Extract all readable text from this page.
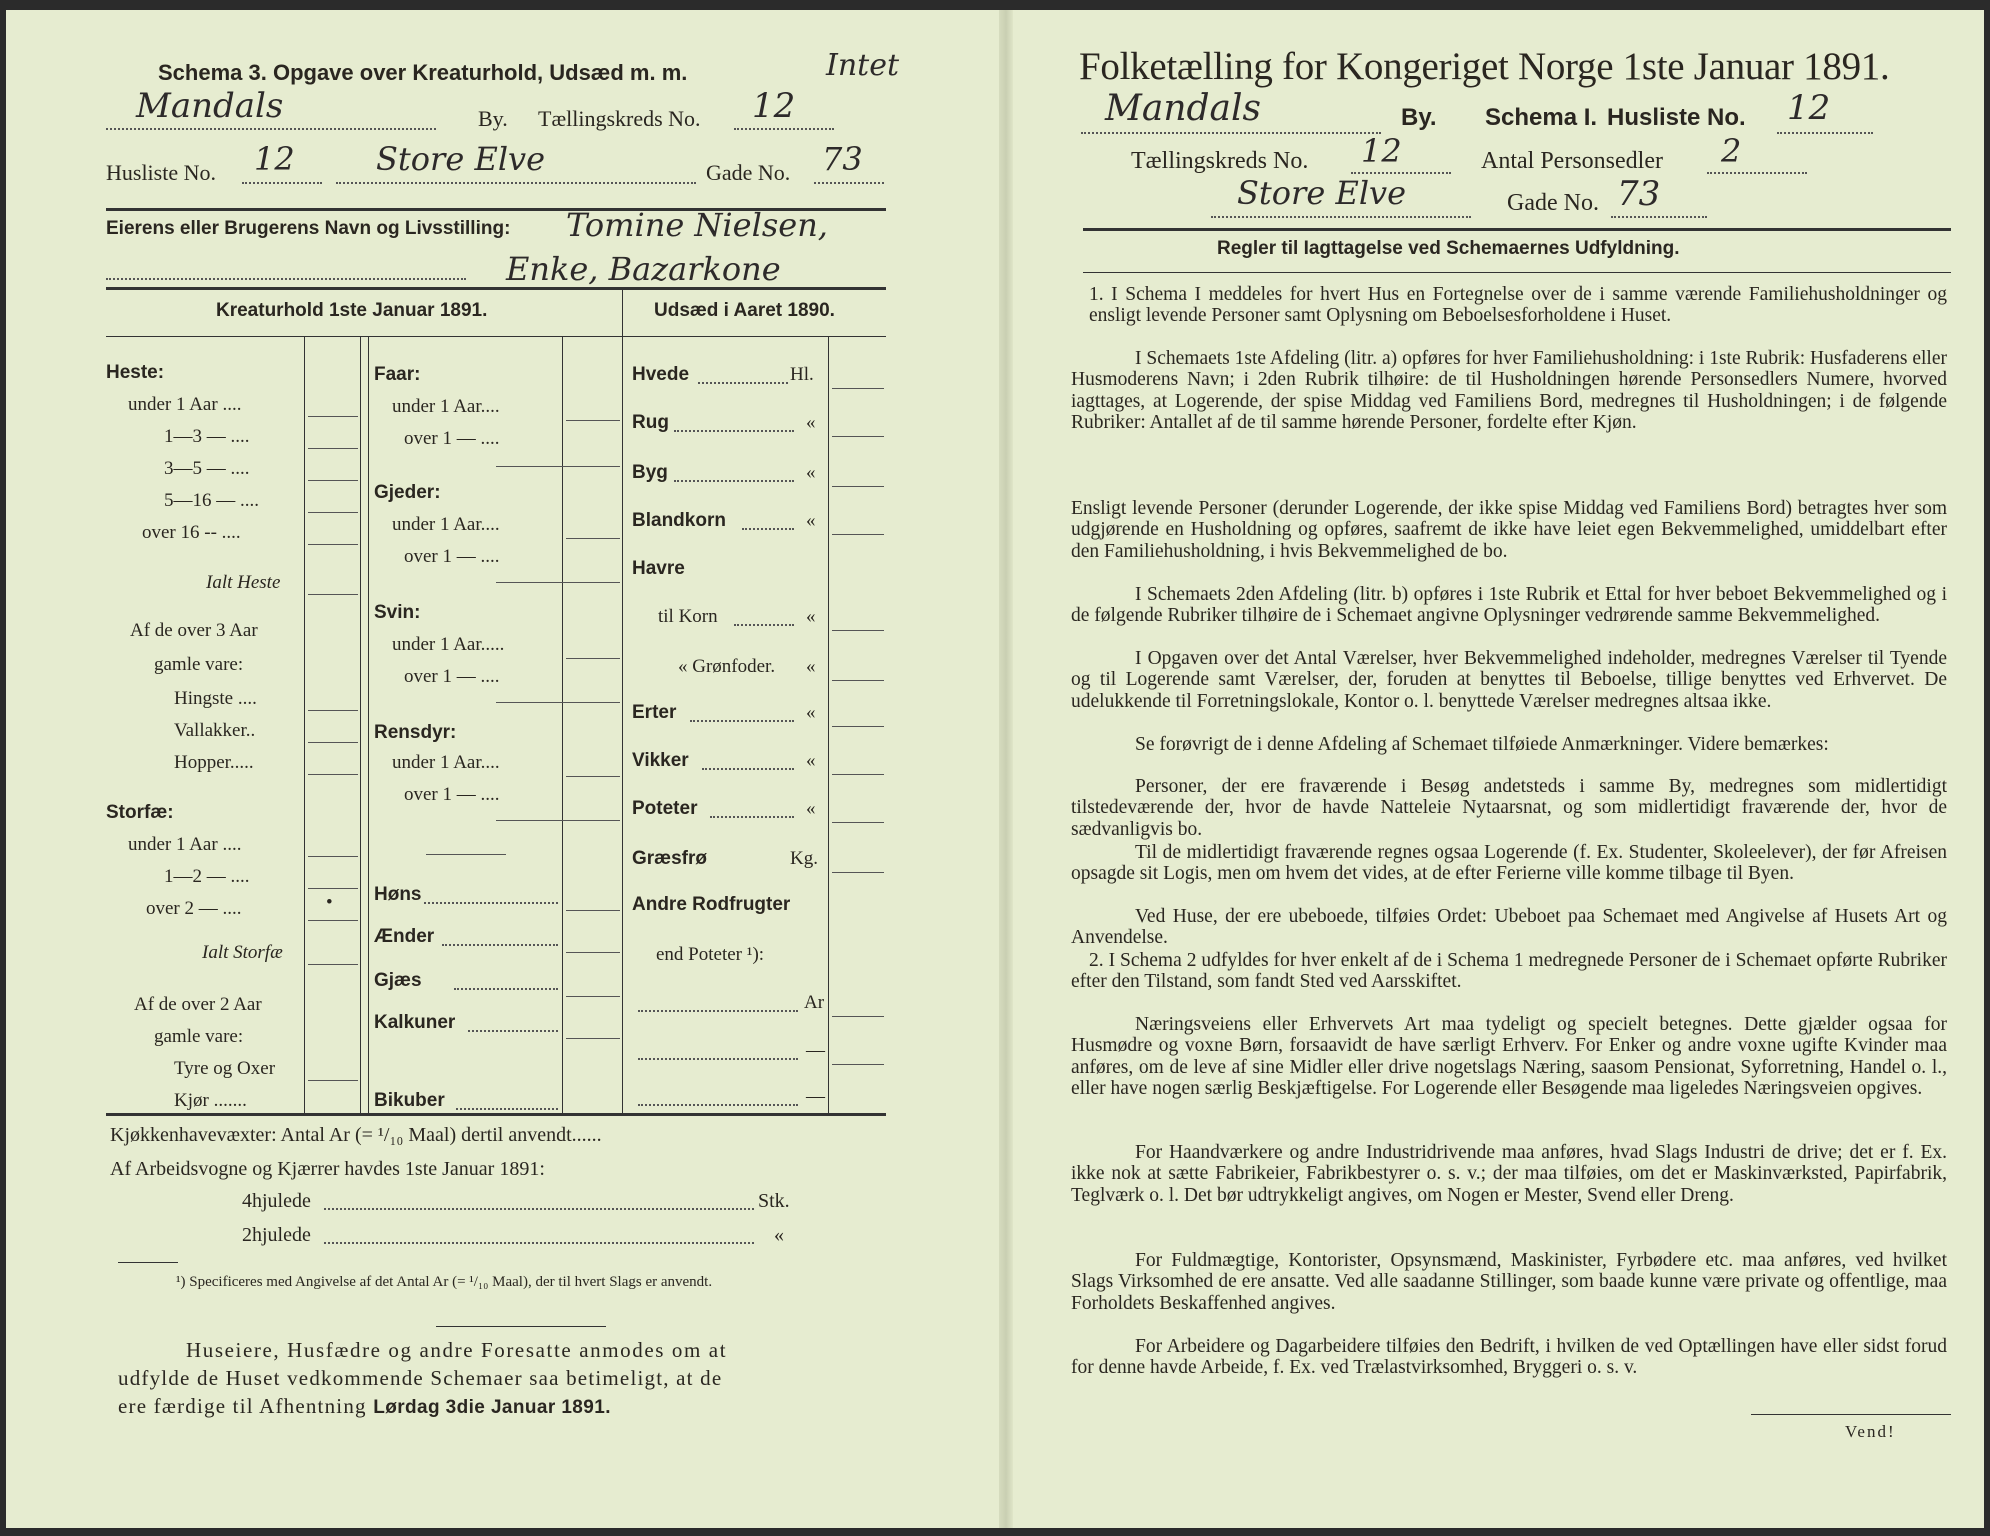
Schema 3. Opgave over Kreaturhold, Udsæd m. m.	Intet
Mandals	By. Tællingskreds No. 12
Husliste No. 12	Store Elve	Gade No. 73
Eierens eller Brugerens Navn og Livsstilling: Tomine Nielsen,
Enke, Bazarkone
Kreaturhold 1ste Januar 1891.	Udsæd i Aaret 1890.
Heste:
under 1 Aar ....
1—3 — ....
3—5 — ....
5—16 — ....
over 16 -- ....
Ialt Heste
Af de over 3 Aar
gamle vare:
Hingste ....
Vallakker..
Hopper.....
Storfæ:
under 1 Aar ....
1—2 — ....
over 2 — ....	•
Ialt Storfæ
Af de over 2 Aar
gamle vare:
Tyre og Oxer
Kjør .......
Faar:
under 1 Aar....
over 1 — ....
Gjeder:
under 1 Aar....
over 1 — ....
Svin:
under 1 Aar.....
over 1 — ....
Rensdyr:
under 1 Aar....
over 1 — ....
Høns
Ænder
Gjæs
Kalkuner
Bikuber
Hvede	Hl.
Rug	«
Byg	«
Blandkorn	«
Havre
til Korn	«
« Grønfoder. «
Erter	«
Vikker	«
Poteter	«
Græsfrø	Kg.
Andre Rodfrugter
end Poteter ¹):
Ar
—
—
Kjøkkenhavevæxter: Antal Ar (= ¹/₁₀ Maal) dertil anvendt......
Af Arbeidsvogne og Kjærrer havdes 1ste Januar 1891:
4hjulede	Stk.
2hjulede	«
¹) Specificeres med Angivelse af det Antal Ar (= ¹/₁₀ Maal), der til hvert Slags er anvendt.
Huseiere, Husfædre og andre Foresatte anmodes om at
udfylde de Huset vedkommende Schemaer saa betimeligt, at de
ere færdige til Afhentning Lørdag 3die Januar 1891.
Folketælling for Kongeriget Norge 1ste Januar 1891.
Mandals	By. Schema I. Husliste No. 12
Tællingskreds No. 12	Antal Personsedler 2
Store Elve	Gade No. 73
Regler til Iagttagelse ved Schemaernes Udfyldning.
1. I Schema I meddeles for hvert Hus en Fortegnelse over de i samme værende Familiehusholdninger og ensligt levende Personer samt Oplysning om Beboelsesforholdene i Huset.
I Schemaets 1ste Afdeling (litr. a) opføres for hver Familiehusholdning: i 1ste Rubrik: Husfaderens eller Husmoderens Navn; i 2den Rubrik tilhøire: de til Husholdningen hørende Personsedlers Numere, hvorved iagttages, at Logerende, der spise Middag ved Familiens Bord, medregnes til Husholdningen; i de følgende Rubriker: Antallet af de til samme hørende Personer, fordelte efter Kjøn.
Ensligt levende Personer (derunder Logerende, der ikke spise Middag ved Familiens Bord) betragtes hver som udgjørende en Husholdning og opføres, saafremt de ikke have leiet egen Bekvemmelighed, umiddelbart efter den Familiehusholdning, i hvis Bekvemmelighed de bo.
I Schemaets 2den Afdeling (litr. b) opføres i 1ste Rubrik et Ettal for hver beboet Bekvemmelighed og i de følgende Rubriker tilhøire de i Schemaet angivne Oplysninger vedrørende samme Bekvemmelighed.
I Opgaven over det Antal Værelser, hver Bekvemmelighed indeholder, medregnes Værelser til Tyende og til Logerende samt Værelser, der, foruden at benyttes til Beboelse, tillige benyttes ved Erhvervet. De udelukkende til Forretningslokale, Kontor o. l. benyttede Værelser medregnes altsaa ikke.
Se forøvrigt de i denne Afdeling af Schemaet tilføiede Anmærkninger. Videre bemærkes:
Personer, der ere fraværende i Besøg andetsteds i samme By, medregnes som midlertidigt tilstedeværende der, hvor de havde Natteleie Nytaarsnat, og som midlertidigt fraværende der, hvor de sædvanligvis bo.
Til de midlertidigt fraværende regnes ogsaa Logerende (f. Ex. Studenter, Skoleelever), der før Afreisen opsagde sit Logis, men om hvem det vides, at de efter Ferierne ville komme tilbage til Byen.
Ved Huse, der ere ubeboede, tilføies Ordet: Ubeboet paa Schemaet med Angivelse af Husets Art og Anvendelse.
2. I Schema 2 udfyldes for hver enkelt af de i Schema 1 medregnede Personer de i Schemaet opførte Rubriker efter den Tilstand, som fandt Sted ved Aarsskiftet.
Næringsveiens eller Erhvervets Art maa tydeligt og specielt betegnes. Dette gjælder ogsaa for Husmødre og voxne Børn, forsaavidt de have særligt Erhverv. For Enker og andre voxne ugifte Kvinder maa anføres, om de leve af sine Midler eller drive nogetslags Næring, saasom Pensionat, Syforretning, Handel o. l., eller have nogen særlig Beskjæftigelse. For Logerende eller Besøgende maa ligeledes Næringsveien opgives.
For Haandværkere og andre Industridrivende maa anføres, hvad Slags Industri de drive; det er f. Ex. ikke nok at sætte Fabrikeier, Fabrikbestyrer o. s. v.; der maa tilføies, om det er Maskinværksted, Papirfabrik, Teglværk o. l. Det bør udtrykkeligt angives, om Nogen er Mester, Svend eller Dreng.
For Fuldmægtige, Kontorister, Opsynsmænd, Maskinister, Fyrbødere etc. maa anføres, ved hvilket Slags Virksomhed de ere ansatte. Ved alle saadanne Stillinger, som baade kunne være private og offentlige, maa Forholdets Beskaffenhed angives.
For Arbeidere og Dagarbeidere tilføies den Bedrift, i hvilken de ved Optællingen have eller sidst forud for denne havde Arbeide, f. Ex. ved Trælastvirksomhed, Bryggeri o. s. v.
Vend!
